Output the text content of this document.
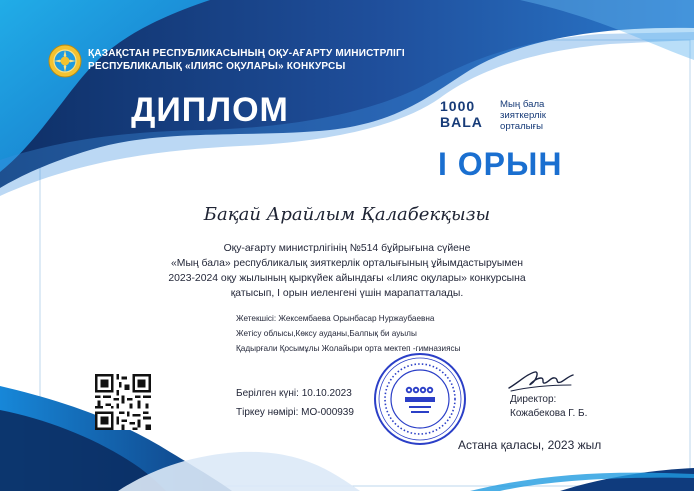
ҚАЗАҚСТАН РЕСПУБЛИКАСЫНЫҢ ОҚУ-АҒАРТУ МИНИСТРЛІГІ
РЕСПУБЛИКАЛЫҚ «ІЛИЯС ОҚУЛАРЫ» КОНКУРСЫ
ДИПЛОМ	1000
BALA
Мың бала
зияткерлік
орталығы
І ОРЫН
Бақай Арайлым Қалабекқызы
Оқу-ағарту министрлігінің №514 бұйрығына сүйене
«Мың бала» республикалық зияткерлік орталығының ұйымдастыруымен
2023-2024 оқу жылының қыркүйек айындағы «Ілияс оқулары» конкурсына
қатысып, І орын иеленгені үшін марапатталады.
Жетекшісі: Жексембаева Орынбасар Нуржаубаевна
Жетісу облысы,Көксу ауданы,Балпық би ауылы
Қадырғали Қосымұлы Жолайыри орта мектеп -гимназиясы
Берілген күні: 10.10.2023
Тіркеу нөмірі: МО-000939
Директор:
Кожабекова Г. Б.
Астана қаласы, 2023 жыл
